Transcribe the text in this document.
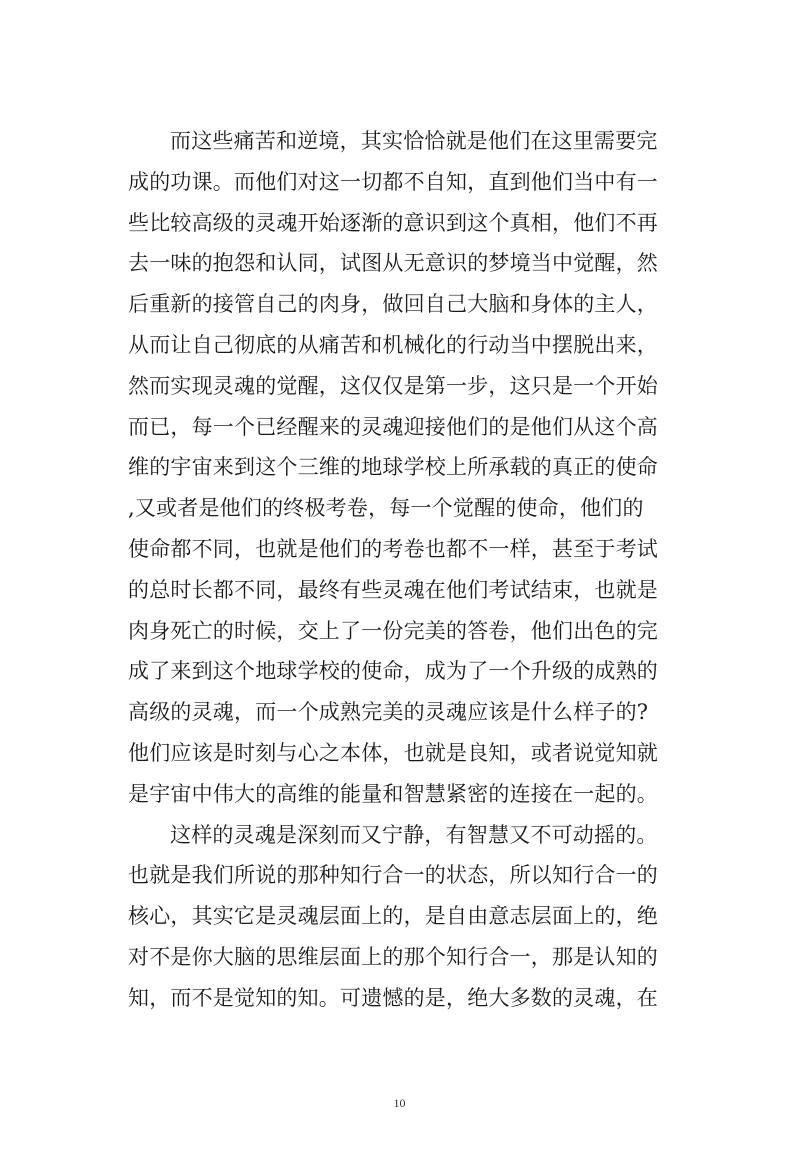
而这些痛苦和逆境，其实恰恰就是他们在这里需要完
成的功课。而他们对这一切都不自知，直到他们当中有一
些比较高级的灵魂开始逐渐的意识到这个真相，他们不再
去一味的抱怨和认同，试图从无意识的梦境当中觉醒，然
后重新的接管自己的肉身，做回自己大脑和身体的主人，
从而让自己彻底的从痛苦和机械化的行动当中摆脱出来，
然而实现灵魂的觉醒，这仅仅是第一步，这只是一个开始
而已，每一个已经醒来的灵魂迎接他们的是他们从这个高
维的宇宙来到这个三维的地球学校上所承载的真正的使命
,又或者是他们的终极考卷，每一个觉醒的使命，他们的
使命都不同，也就是他们的考卷也都不一样，甚至于考试
的总时长都不同，最终有些灵魂在他们考试结束，也就是
肉身死亡的时候，交上了一份完美的答卷，他们出色的完
成了来到这个地球学校的使命，成为了一个升级的成熟的
高级的灵魂，而一个成熟完美的灵魂应该是什么样子的?
他们应该是时刻与心之本体，也就是良知，或者说觉知就
是宇宙中伟大的高维的能量和智慧紧密的连接在一起的。
这样的灵魂是深刻而又宁静，有智慧又不可动摇的。
也就是我们所说的那种知行合一的状态，所以知行合一的
核心，其实它是灵魂层面上的，是自由意志层面上的，绝
对不是你大脑的思维层面上的那个知行合一，那是认知的
知，而不是觉知的知。可遗憾的是，绝大多数的灵魂，在
10
